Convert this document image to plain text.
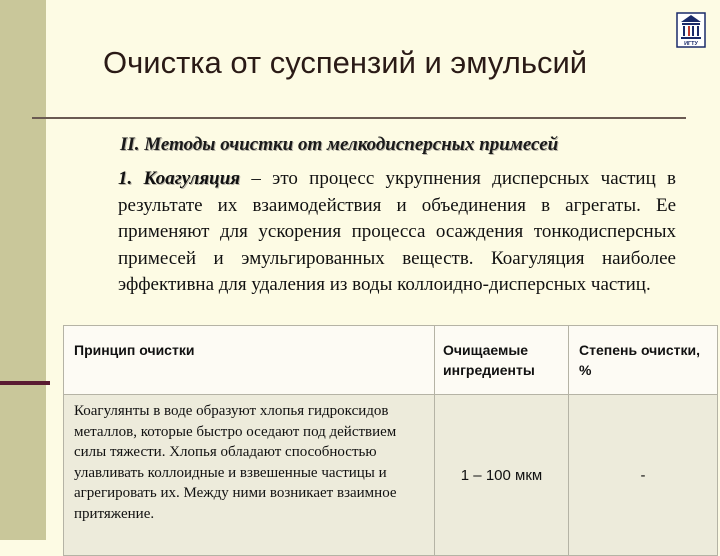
ИГТУ
Очистка от суспензий и эмульсий
II. Методы очистки от мелкодисперсных примесей
1. Коагуляция – это процесс укрупнения дисперсных частиц в результате их взаимодействия и объединения в агрегаты. Ее применяют для ускорения процесса осаждения тонкодисперсных примесей и эмульгированных веществ. Коагуляция наиболее эффективна для удаления из воды коллоидно-дисперсных частиц.
Принцип очистки	Очищаемые ингредиенты	Степень очистки, %
Коагулянты в воде образуют хлопья гидроксидов металлов, которые быстро оседают под действием силы тяжести. Хлопья обладают способностью улавливать коллоидные и взвешенные частицы и агрегировать их. Между ними возникает взаимное притяжение.	1 – 100 мкм	-
